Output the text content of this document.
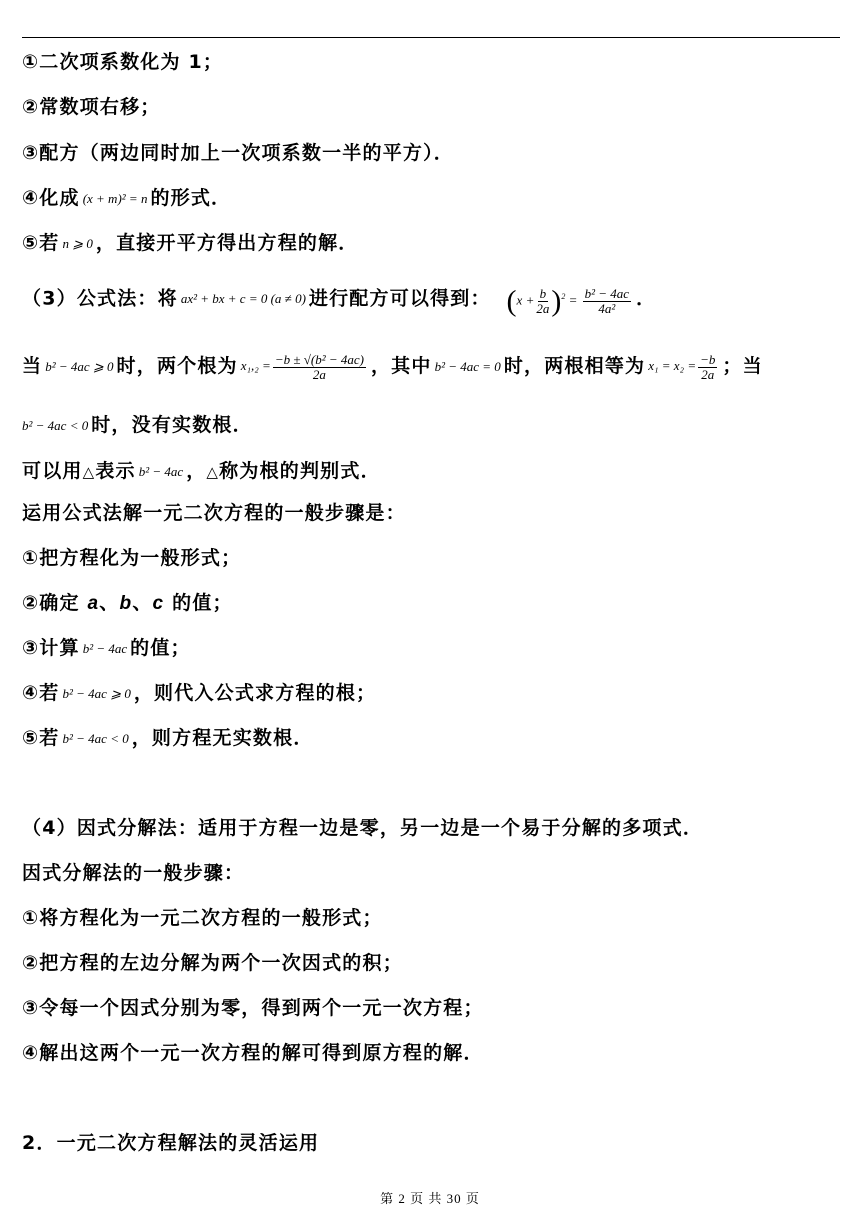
①二次项系数化为 1；
②常数项右移；
③配方（两边同时加上一次项系数一半的平方）．
④化成 (x + m)² = n 的形式．
⑤若 n ⩾ 0 ，直接开平方得出方程的解．
（3）公式法：将 ax² + bx + c = 0 (a ≠ 0) 进行配方可以得到： $(x + \frac{b}{2a} )^2 = \frac{\text{b² − 4ac}}{\text{4a²}}$ ．
当 b² − 4ac ⩾ 0 时，两个根为 $x_1,_2 = \frac{\text{−b ± √(b² − 4ac)}}{2a}$ ，其中 b² − 4ac = 0 时，两根相等为 $x_1 = x_2 = \frac{-b}{2a}$ ；当
b² − 4ac < 0 时，没有实数根．
可以用△表示 b² − 4ac ，△称为根的判别式．
运用公式法解一元二次方程的一般步骤是：
①把方程化为一般形式；
②确定 a、b、c 的值；
③计算 b² − 4ac 的值；
④若 b² − 4ac ⩾ 0 ，则代入公式求方程的根；
⑤若 b² − 4ac < 0 ，则方程无实数根．
（4）因式分解法：适用于方程一边是零，另一边是一个易于分解的多项式．
因式分解法的一般步骤：
①将方程化为一元二次方程的一般形式；
②把方程的左边分解为两个一次因式的积；
③令每一个因式分别为零，得到两个一元一次方程；
④解出这两个一元一次方程的解可得到原方程的解．
2．一元二次方程解法的灵活运用
第 2 页 共 30 页
